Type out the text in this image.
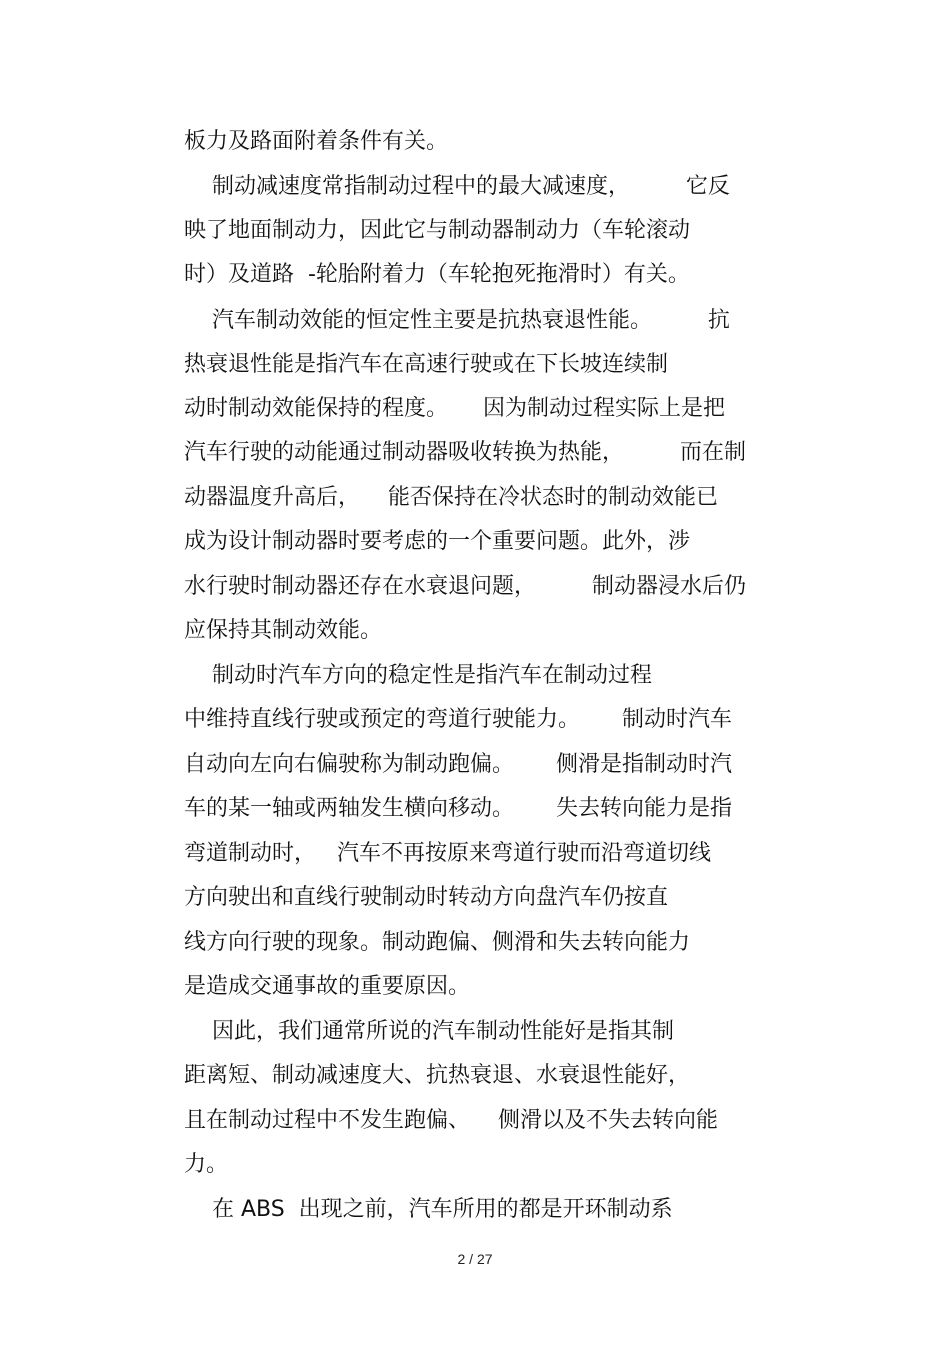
板力及路面附着条件有关。
制动减速度常指制动过程中的最大减速度，        它反
映了地面制动力，因此它与制动器制动力（车轮滚动
时）及道路  -轮胎附着力（车轮抱死拖滑时）有关。
汽车制动效能的恒定性主要是抗热衰退性能。        抗
热衰退性能是指汽车在高速行驶或在下长坡连续制
动时制动效能保持的程度。     因为制动过程实际上是把
汽车行驶的动能通过制动器吸收转换为热能，        而在制
动器温度升高后，    能否保持在冷状态时的制动效能已
成为设计制动器时要考虑的一个重要问题。此外，涉
水行驶时制动器还存在水衰退问题，        制动器浸水后仍
应保持其制动效能。
制动时汽车方向的稳定性是指汽车在制动过程
中维持直线行驶或预定的弯道行驶能力。      制动时汽车
自动向左向右偏驶称为制动跑偏。      侧滑是指制动时汽
车的某一轴或两轴发生横向移动。      失去转向能力是指
弯道制动时，   汽车不再按原来弯道行驶而沿弯道切线
方向驶出和直线行驶制动时转动方向盘汽车仍按直
线方向行驶的现象。制动跑偏、侧滑和失去转向能力
是造成交通事故的重要原因。
因此，我们通常所说的汽车制动性能好是指其制
距离短、制动减速度大、抗热衰退、水衰退性能好，
且在制动过程中不发生跑偏、    侧滑以及不失去转向能
力。
在 ABS  出现之前，汽车所用的都是开环制动系
2 / 27
